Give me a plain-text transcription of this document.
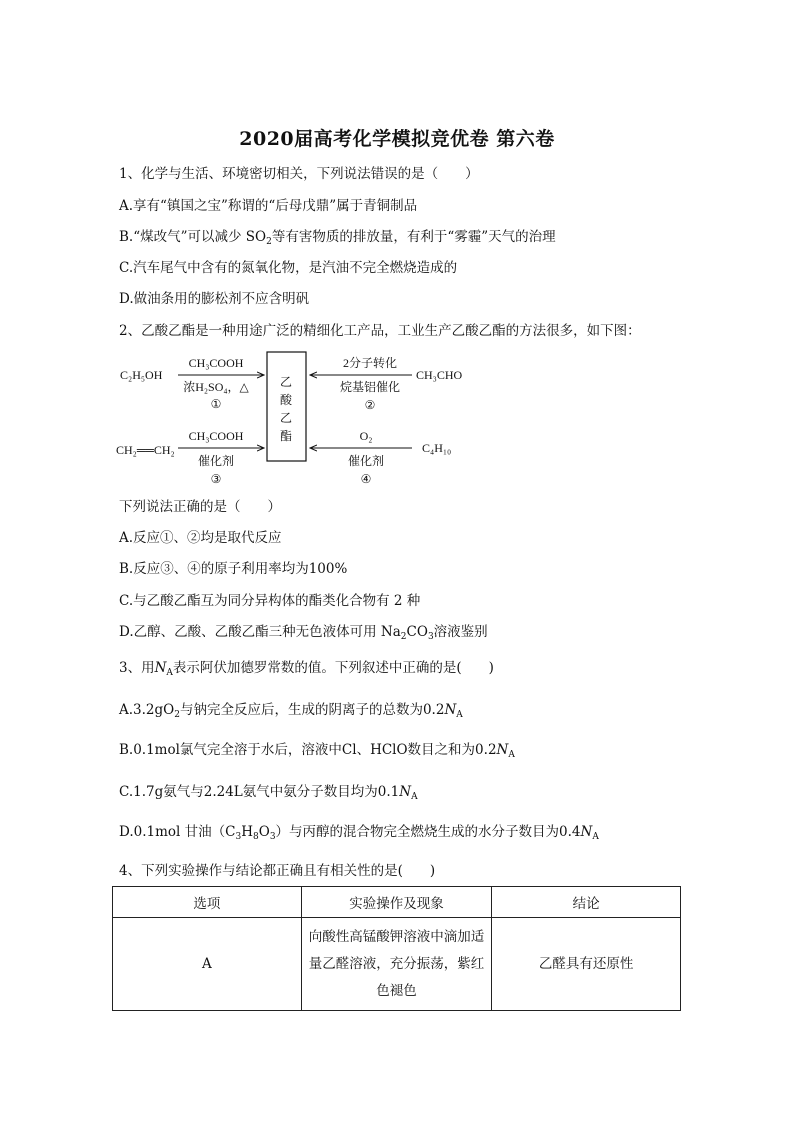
2020届高考化学模拟竞优卷 第六卷
1、化学与生活、环境密切相关，下列说法错误的是（　　）
A.享有“镇国之宝”称谓的“后母戊鼎”属于青铜制品
B.“煤改气”可以减少 $SO_2$等有害物质的排放量，有利于“雾霾”天气的治理
C.汽车尾气中含有的氮氧化物，是汽油不完全燃烧造成的
D.做油条用的膨松剂不应含明矾
2、乙酸乙酯是一种用途广泛的精细化工产品，工业生产乙酸乙酯的方法很多，如下图：
乙
酸
乙
酯
C₂H₅OH
CH₃COOH
浓H₂SO₄，△
①
2分子转化
烷基铝催化
②
CH₃CHO
CH₂══CH₂
CH₃COOH
催化剂
③
O₂
催化剂
④
C₄H₁₀
下列说法正确的是（　　）
A.反应①、②均是取代反应
B.反应③、④的原子利用率均为100%
C.与乙酸乙酯互为同分异构体的酯类化合物有 2 种
D.乙醇、乙酸、乙酸乙酯三种无色液体可用 $Na_2CO_3$溶液鉴别
3、用$N_A$表示阿伏加德罗常数的值。下列叙述中正确的是(　　)
$A.3.2gO_2$与钠完全反应后，生成的阴离子的总数为$0.2N_A$
B.0.1mol氯气完全溶于水后，溶液中Cl、HClO数目之和为$0.2N_A$
C.1.7g氨气与2.24L氨气中氨分子数目均为$0.1N_A$
D.0.1mol 甘油$(C_3H_8O_3)$与丙醇的混合物完全燃烧生成的水分子数目为$0.4N_A$
4、下列实验操作与结论都正确且有相关性的是(　　)
选项	实验操作及现象	结论
A	向酸性高锰酸钾溶液中滴加适量乙醛溶液，充分振荡，紫红色褪色	乙醛具有还原性
